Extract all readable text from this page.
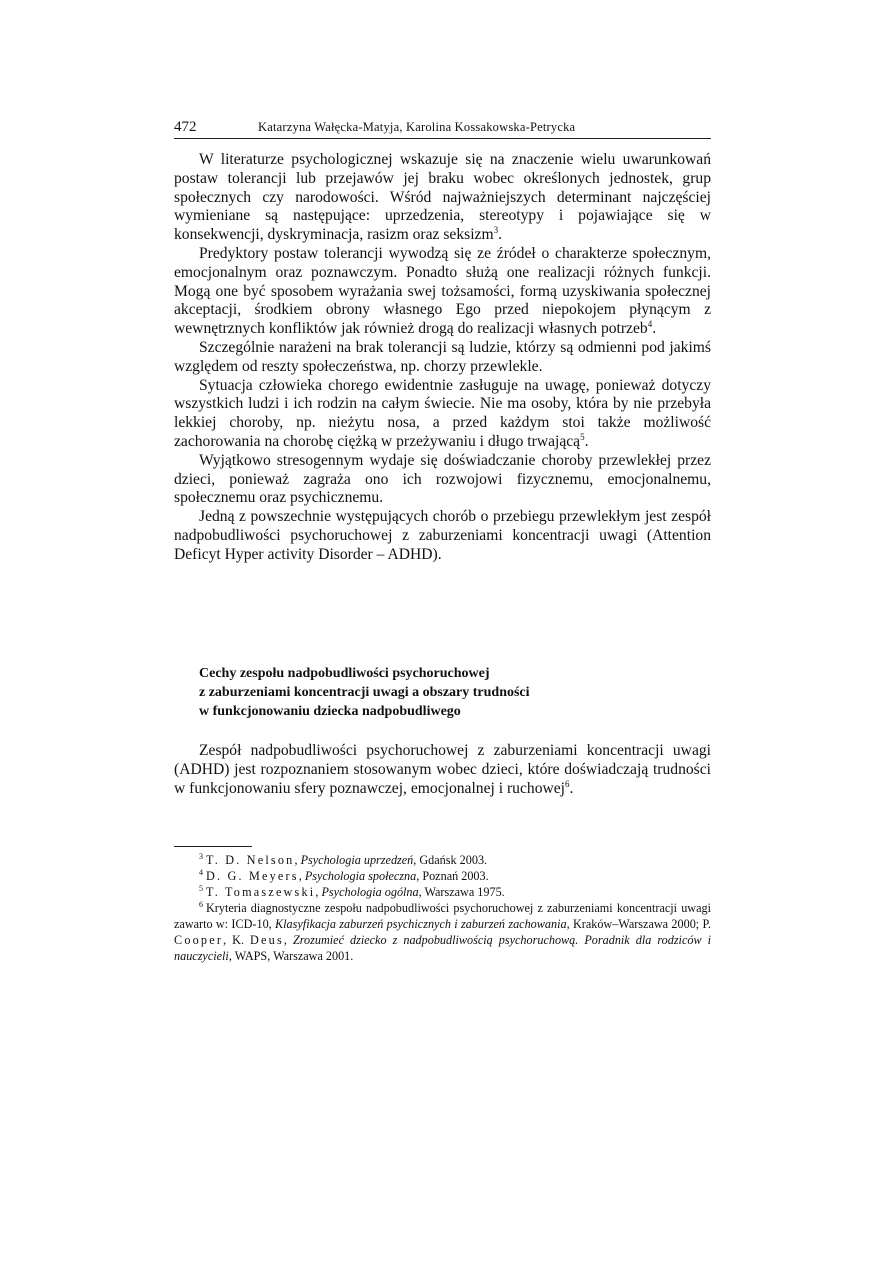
472	Katarzyna Wałęcka-Matyja, Karolina Kossakowska-Petrycka

W literaturze psychologicznej wskazuje się na znaczenie wielu uwarunkowań postaw tolerancji lub przejawów jej braku wobec określonych jednostek, grup społecznych czy narodowości. Wśród najważniejszych determinant najczęściej wymieniane są następujące: uprzedzenia, stereotypy i pojawiające się w konsekwencji, dyskryminacja, rasizm oraz seksizm$^3$.

Predyktory postaw tolerancji wywodzą się ze źródeł o charakterze społecznym, emocjonalnym oraz poznawczym. Ponadto służą one realizacji różnych funkcji. Mogą one być sposobem wyrażania swej tożsamości, formą uzyskiwania społecznej akceptacji, środkiem obrony własnego Ego przed niepokojem płynącym z wewnętrznych konfliktów jak również drogą do realizacji własnych potrzeb$^4$.

Szczególnie narażeni na brak tolerancji są ludzie, którzy są odmienni pod jakimś względem od reszty społeczeństwa, np. chorzy przewlekle.

Sytuacja człowieka chorego ewidentnie zasługuje na uwagę, ponieważ dotyczy wszystkich ludzi i ich rodzin na całym świecie. Nie ma osoby, która by nie przebyła lekkiej choroby, np. nieżytu nosa, a przed każdym stoi także możliwość zachorowania na chorobę ciężką w przeżywaniu i długo trwającą$^5$.

Wyjątkowo stresogennym wydaje się doświadczanie choroby przewlekłej przez dzieci, ponieważ zagraża ono ich rozwojowi fizycznemu, emocjonalnemu, społecznemu oraz psychicznemu.

Jedną z powszechnie występujących chorób o przebiegu przewlekłym jest zespół nadpobudliwości psychoruchowej z zaburzeniami koncentracji uwagi (Attention Deficyt Hyper activity Disorder – ADHD).

Cechy zespołu nadpobudliwości psychoruchowej
z zaburzeniami koncentracji uwagi a obszary trudności
w funkcjonowaniu dziecka nadpobudliwego

Zespół nadpobudliwości psychoruchowej z zaburzeniami koncentracji uwagi (ADHD) jest rozpoznaniem stosowanym wobec dzieci, które doświadczają trudności w funkcjonowaniu sfery poznawczej, emocjonalnej i ruchowej$^6$.

$^3$ T. D. Nelson, Psychologia uprzedzeń, Gdańsk 2003.

$^4$ D. G. Meyers, Psychologia społeczna, Poznań 2003.

$^5$ T. Tomaszewski, Psychologia ogólna, Warszawa 1975.

$^6$ Kryteria diagnostyczne zespołu nadpobudliwości psychoruchowej z zaburzeniami koncentracji uwagi zawarto w: ICD-10, Klasyfikacja zaburzeń psychicznych i zaburzeń zachowania, Kraków–Warszawa 2000; P. Cooper, K. Deus, Zrozumieć dziecko z nadpobudliwością psychoruchową. Poradnik dla rodziców i nauczycieli, WAPS, Warszawa 2001.
